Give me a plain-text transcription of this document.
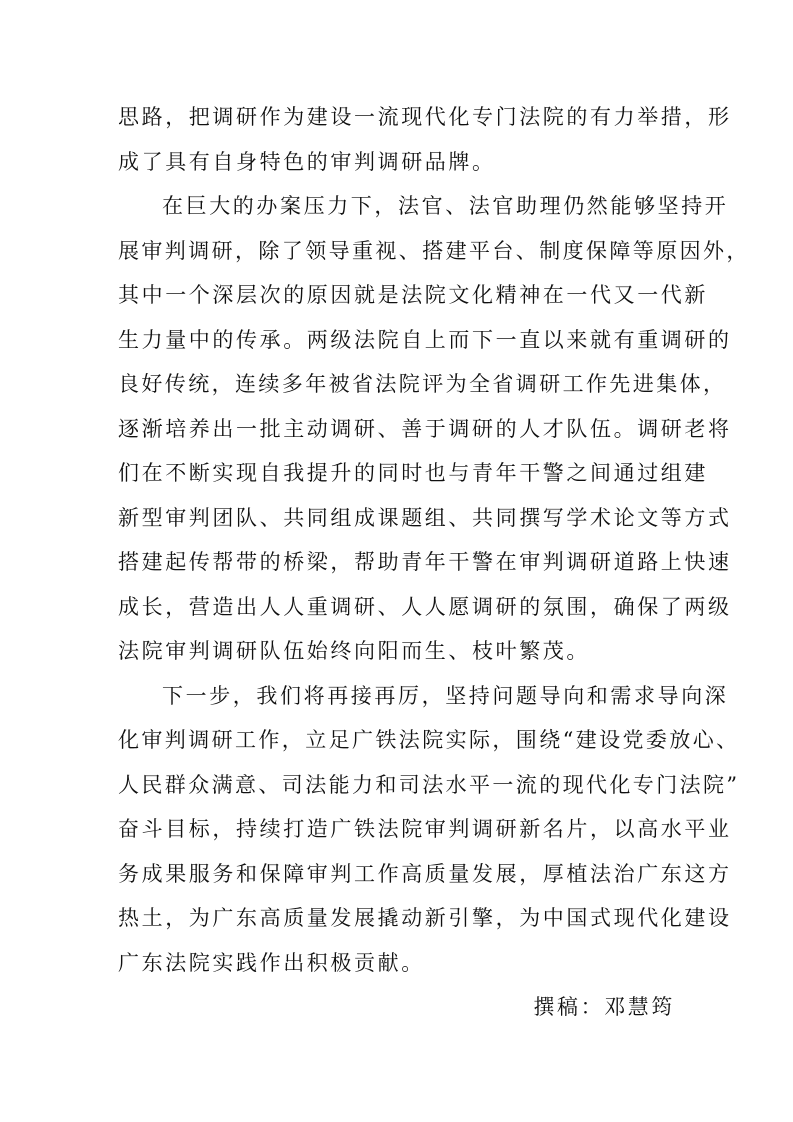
思路，把调研作为建设一流现代化专门法院的有力举措，形
成了具有自身特色的审判调研品牌。
在巨大的办案压力下，法官、法官助理仍然能够坚持开
展审判调研，除了领导重视、搭建平台、制度保障等原因外，
其中一个深层次的原因就是法院文化精神在一代又一代新
生力量中的传承。两级法院自上而下一直以来就有重调研的
良好传统，连续多年被省法院评为全省调研工作先进集体，
逐渐培养出一批主动调研、善于调研的人才队伍。调研老将
们在不断实现自我提升的同时也与青年干警之间通过组建
新型审判团队、共同组成课题组、共同撰写学术论文等方式
搭建起传帮带的桥梁，帮助青年干警在审判调研道路上快速
成长，营造出人人重调研、人人愿调研的氛围，确保了两级
法院审判调研队伍始终向阳而生、枝叶繁茂。
下一步，我们将再接再厉，坚持问题导向和需求导向深
化审判调研工作，立足广铁法院实际，围绕“建设党委放心、
人民群众满意、司法能力和司法水平一流的现代化专门法院”
奋斗目标，持续打造广铁法院审判调研新名片，以高水平业
务成果服务和保障审判工作高质量发展，厚植法治广东这方
热土，为广东高质量发展撬动新引擎，为中国式现代化建设
广东法院实践作出积极贡献。
撰稿：邓慧筠
